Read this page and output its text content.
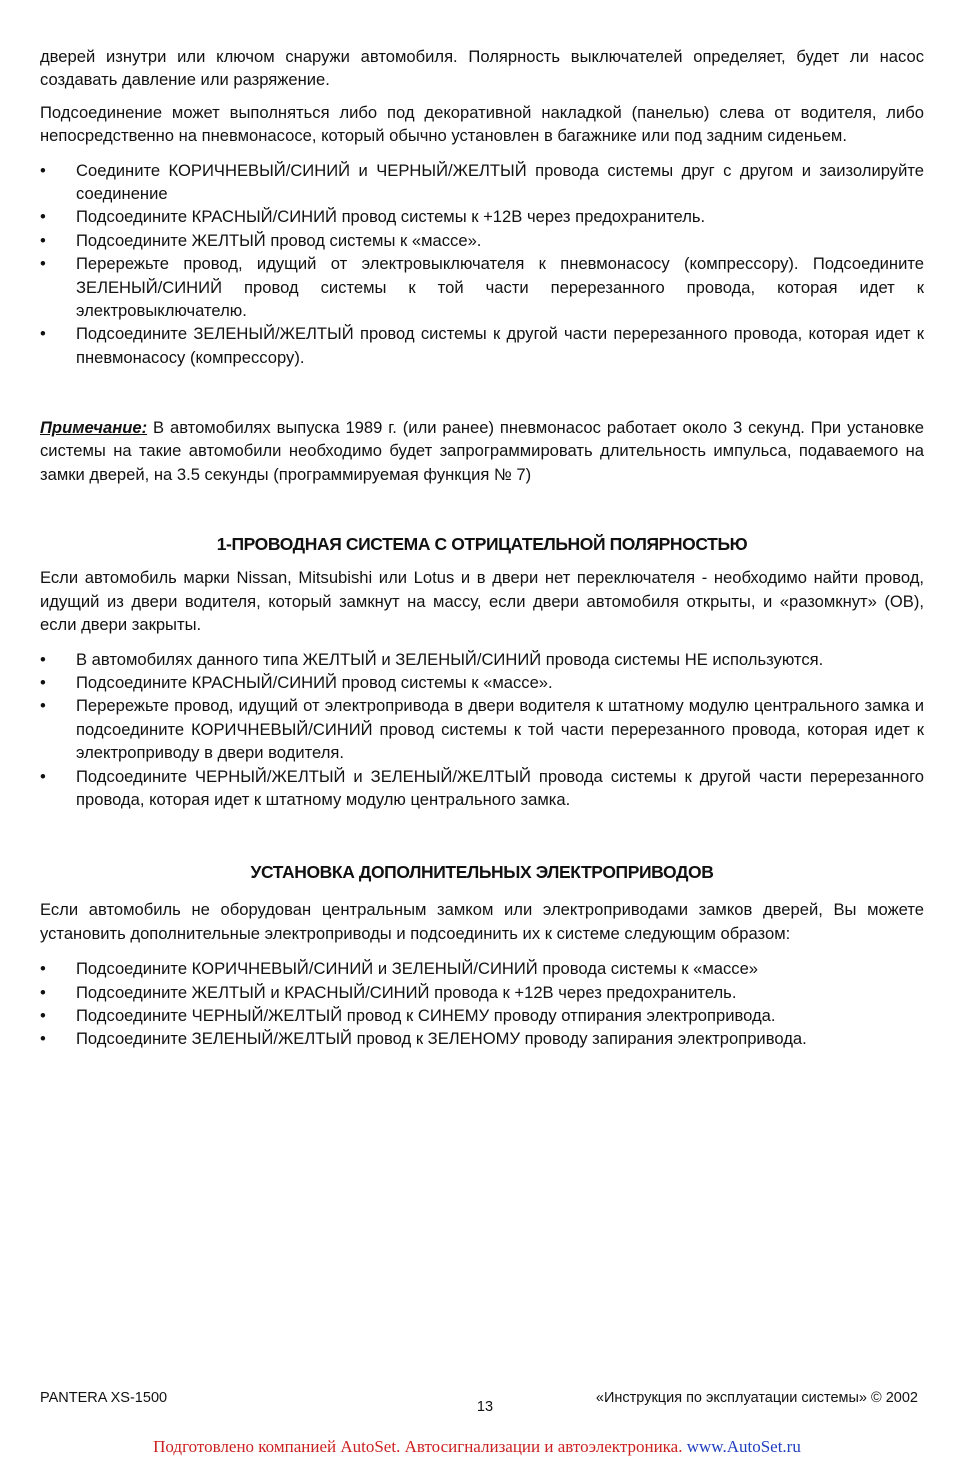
дверей изнутри или ключом снаружи автомобиля. Полярность выключателей определяет, будет ли насос создавать давление или разряжение.

Подсоединение может выполняться либо под декоративной накладкой (панелью) слева от водителя, либо непосредственно на пневмонасосе, который обычно установлен в багажнике или под задним сиденьем.

• Соедините КОРИЧНЕВЫЙ/СИНИЙ и ЧЕРНЫЙ/ЖЕЛТЫЙ провода системы друг с другом и заизолируйте соединение
• Подсоедините КРАСНЫЙ/СИНИЙ провод системы к +12В через предохранитель.
• Подсоедините ЖЕЛТЫЙ провод системы к «массе».
• Перережьте провод, идущий от электровыключателя к пневмонасосу (компрессору). Подсоедините ЗЕЛЕНЫЙ/СИНИЙ провод системы к той части перерезанного провода, которая идет к электровыключателю.
• Подсоедините ЗЕЛЕНЫЙ/ЖЕЛТЫЙ провод системы к другой части перерезанного провода, которая идет к пневмонасосу (компрессору).

Примечание: В автомобилях выпуска 1989 г. (или ранее) пневмонасос работает около 3 секунд. При установке системы на такие автомобили необходимо будет запрограммировать длительность импульса, подаваемого на замки дверей, на 3.5 секунды (программируемая функция № 7)

1-ПРОВОДНАЯ СИСТЕМА С ОТРИЦАТЕЛЬНОЙ ПОЛЯРНОСТЬЮ

Если автомобиль марки Nissan, Mitsubishi или Lotus и в двери нет переключателя - необходимо найти провод, идущий из двери водителя, который замкнут на массу, если двери автомобиля открыты, и «разомкнут» (ОВ), если двери закрыты.

• В автомобилях данного типа ЖЕЛТЫЙ и ЗЕЛЕНЫЙ/СИНИЙ провода системы НЕ используются.
• Подсоедините КРАСНЫЙ/СИНИЙ провод системы к «массе».
• Перережьте провод, идущий от электропривода в двери водителя к штатному модулю центрального замка и подсоедините КОРИЧНЕВЫЙ/СИНИЙ провод системы к той части перерезанного провода, которая идет к электроприводу в двери водителя.
• Подсоедините ЧЕРНЫЙ/ЖЕЛТЫЙ и ЗЕЛЕНЫЙ/ЖЕЛТЫЙ провода системы к другой части перерезанного провода, которая идет к штатному модулю центрального замка.
УСТАНОВКА ДОПОЛНИТЕЛЬНЫХ ЭЛЕКТРОПРИВОДОВ

Если автомобиль не оборудован центральным замком или электроприводами замков дверей, Вы можете установить дополнительные электроприводы и подсоединить их к системе следующим образом:

• Подсоедините КОРИЧНЕВЫЙ/СИНИЙ и ЗЕЛЕНЫЙ/СИНИЙ провода системы к «массе»
• Подсоедините ЖЕЛТЫЙ и КРАСНЫЙ/СИНИЙ провода к +12В через предохранитель.
• Подсоедините ЧЕРНЫЙ/ЖЕЛТЫЙ провод к СИНЕМУ проводу отпирания электропривода.
• Подсоедините ЗЕЛЕНЫЙ/ЖЕЛТЫЙ провод к ЗЕЛЕНОМУ проводу запирания электропривода.
PANTERA XS-1500
13
«Инструкция по эксплуатации системы» © 2002
Подготовлено компанией AutoSet. Автосигнализации и автоэлектроника. www.AutoSet.ru
